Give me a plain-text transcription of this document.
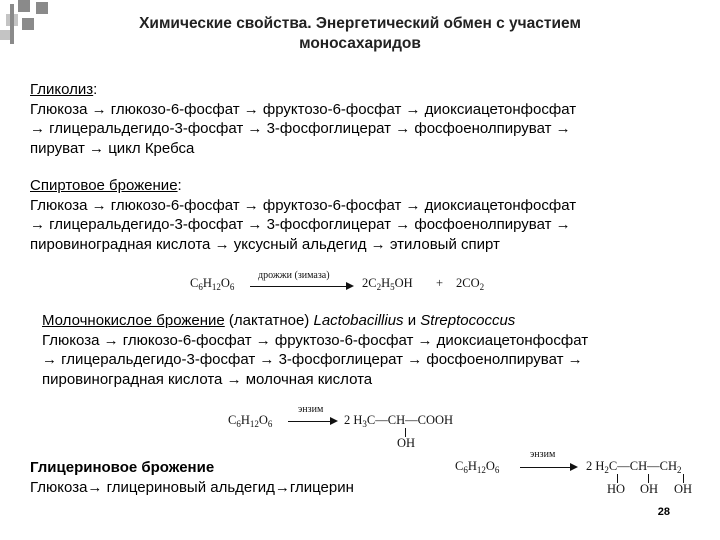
Химические свойства. Энергетический обмен с участием моносахаридов
Гликолиз:
Глюкоза → глюкозо-6-фосфат → фруктозо-6-фосфат → диоксиацетонфосфат
→ глицеральдегидо-3-фосфат → 3-фосфоглицерат → фосфоенолпируват →
пируват → цикл Кребса
Спиртовое брожение:
Глюкоза → глюкозо-6-фосфат → фруктозо-6-фосфат → диоксиацетонфосфат
→ глицеральдегидо-3-фосфат → 3-фосфоглицерат → фосфоенолпируват →
пировиноградная кислота → уксусный альдегид → этиловый спирт
$C_6H_{12}O_6$
дрожжи (зимаза)
$2C_2H_5OH + 2CO_2$
Молочнокислое брожение (лактатное) Lactobacillius и Streptococcus
Глюкоза → глюкозо-6-фосфат → фруктозо-6-фосфат → диоксиацетонфосфат
→ глицеральдегидо-3-фосфат → 3-фосфоглицерат → фосфоенолпируват →
пировиноградная кислота → молочная кислота
$C_6H_{12}O_6$
энзим
2 $H_3C—CH—COOH$
OH
Глицериновое брожение
Глюкоза→ глицериновый альдегид→глицерин
$C_6H_{12}O_6$
энзим
2 $H_2C—CH—CH_2$
HO OH OH
28
